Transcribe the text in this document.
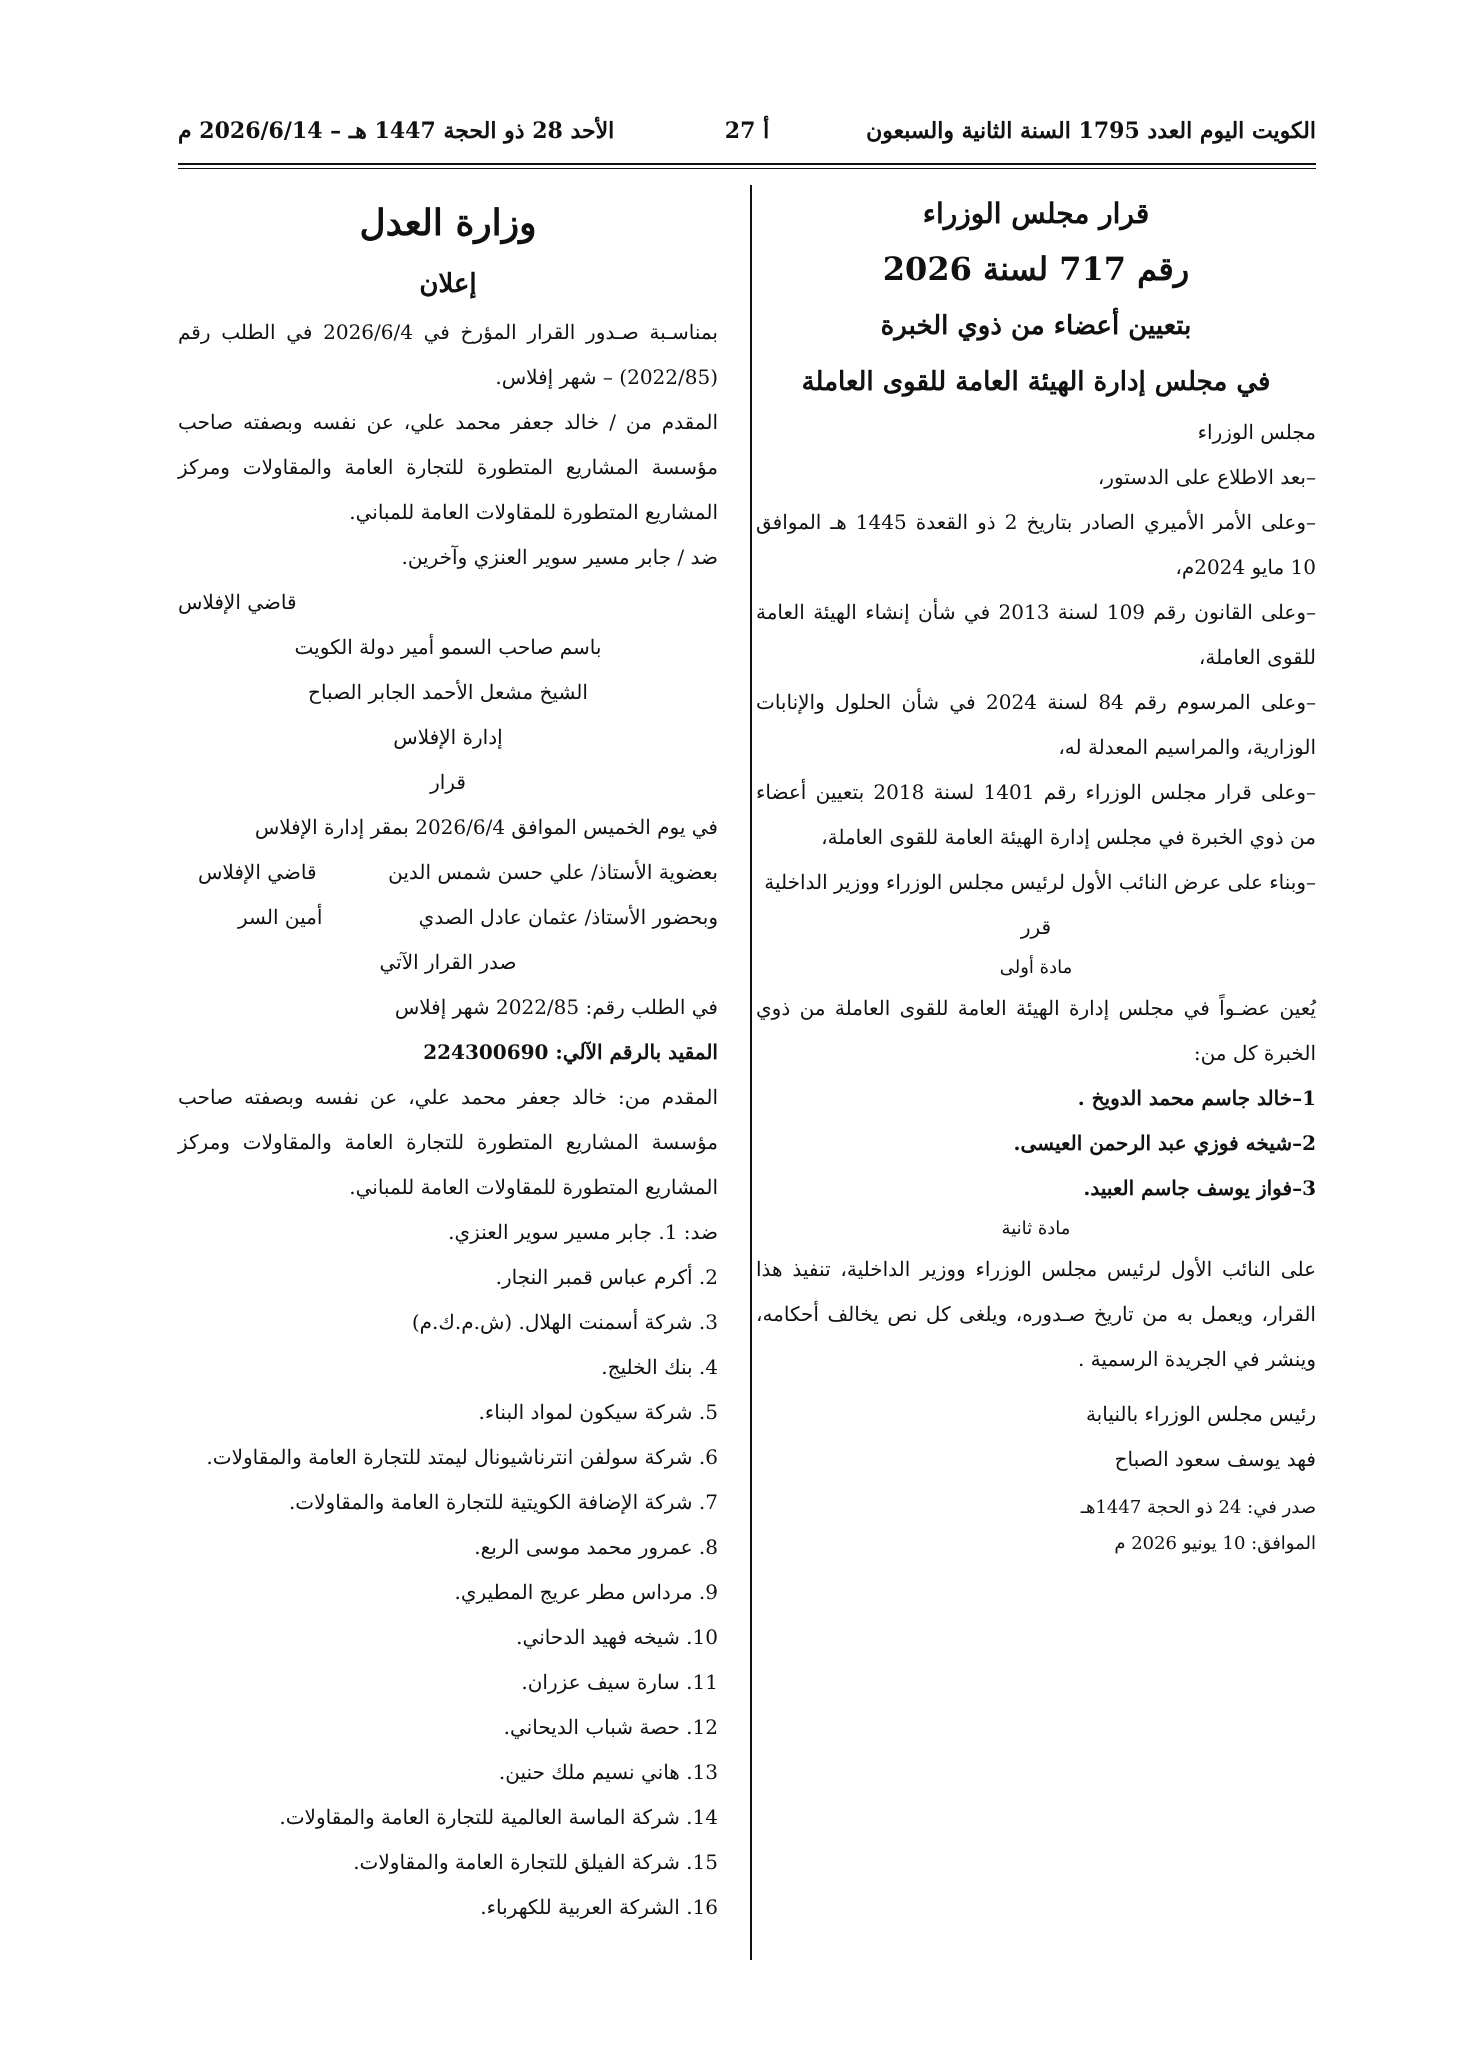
الكويت اليوم العدد 1795 السنة الثانية والسبعون
أ 27
الأحد 28 ذو الحجة 1447 هـ – 2026/6/14 م
قرار مجلس الوزراء
رقم 717 لسنة 2026
بتعيين أعضاء من ذوي الخبرة
في مجلس إدارة الهيئة العامة للقوى العاملة

مجلس الوزراء

–بعد الاطلاع على الدستور،

–وعلى الأمر الأميري الصادر بتاريخ 2 ذو القعدة 1445 هـ الموافق 10 مايو 2024م،

–وعلى القانون رقم 109 لسنة 2013 في شأن إنشاء الهيئة العامة للقوى العاملة،

–وعلى المرسوم رقم 84 لسنة 2024 في شأن الحلول والإنابات الوزارية، والمراسيم المعدلة له،

–وعلى قرار مجلس الوزراء رقم 1401 لسنة 2018 بتعيين أعضاء من ذوي الخبرة في مجلس إدارة الهيئة العامة للقوى العاملة،

–وبناء على عرض النائب الأول لرئيس مجلس الوزراء ووزير الداخلية

قرر

مادة أولى

يُعين عضـواً في مجلس إدارة الهيئة العامة للقوى العاملة من ذوي الخبرة كل من:

1–خالد جاسم محمد الدويخ .

2–شيخه فوزي عبد الرحمن العيسى.

3–فواز يوسف جاسم العبيد.

مادة ثانية

على النائب الأول لرئيس مجلس الوزراء ووزير الداخلية، تنفيذ هذا القرار، ويعمل به من تاريخ صـدوره، ويلغى كل نص يخالف أحكامه، وينشر في الجريدة الرسمية .

رئيس مجلس الوزراء بالنيابة

فهد يوسف سعود الصباح

صدر في: 24 ذو الحجة 1447هـ

الموافق: 10 يونيو 2026 م

وزارة العدل
إعلان

بمناسـبة صـدور القرار المؤرخ في 2026/6/4 في الطلب رقم (2022/85) – شهر إفلاس.

المقدم من / خالد جعفر محمد علي، عن نفسه وبصفته صاحب مؤسسة المشاريع المتطورة للتجارة العامة والمقاولات ومركز المشاريع المتطورة للمقاولات العامة للمباني.

ضد / جابر مسير سوير العنزي وآخرين.

قاضي الإفلاس

باسم صاحب السمو أمير دولة الكويت

الشيخ مشعل الأحمد الجابر الصباح

إدارة الإفلاس

قرار

في يوم الخميس الموافق 2026/6/4 بمقر إدارة الإفلاس

بعضوية الأستاذ/ علي حسن شمس الدين
قاضي الإفلاس
وبحضور الأستاذ/ عثمان عادل الصدي
أمين السر

صدر القرار الآتي

في الطلب رقم: 2022/85 شهر إفلاس

المقيد بالرقم الآلي: 224300690

المقدم من: خالد جعفر محمد علي، عن نفسه وبصفته صاحب مؤسسة المشاريع المتطورة للتجارة العامة والمقاولات ومركز المشاريع المتطورة للمقاولات العامة للمباني.

ضد: 1. جابر مسير سوير العنزي.

2. أكرم عباس قمبر النجار.

3. شركة أسمنت الهلال. (ش.م.ك.م)

4. بنك الخليج.

5. شركة سيكون لمواد البناء.

6. شركة سولفن انترناشيونال ليمتد للتجارة العامة والمقاولات.

7. شركة الإضافة الكويتية للتجارة العامة والمقاولات.

8. عمرور محمد موسى الربع.

9. مرداس مطر عريج المطيري.

10. شيخه فهيد الدحاني.

11. سارة سيف عزران.

12. حصة شباب الديحاني.

13. هاني نسيم ملك حنين.

14. شركة الماسة العالمية للتجارة العامة والمقاولات.

15. شركة الفيلق للتجارة العامة والمقاولات.

16. الشركة العربية للكهرباء.
